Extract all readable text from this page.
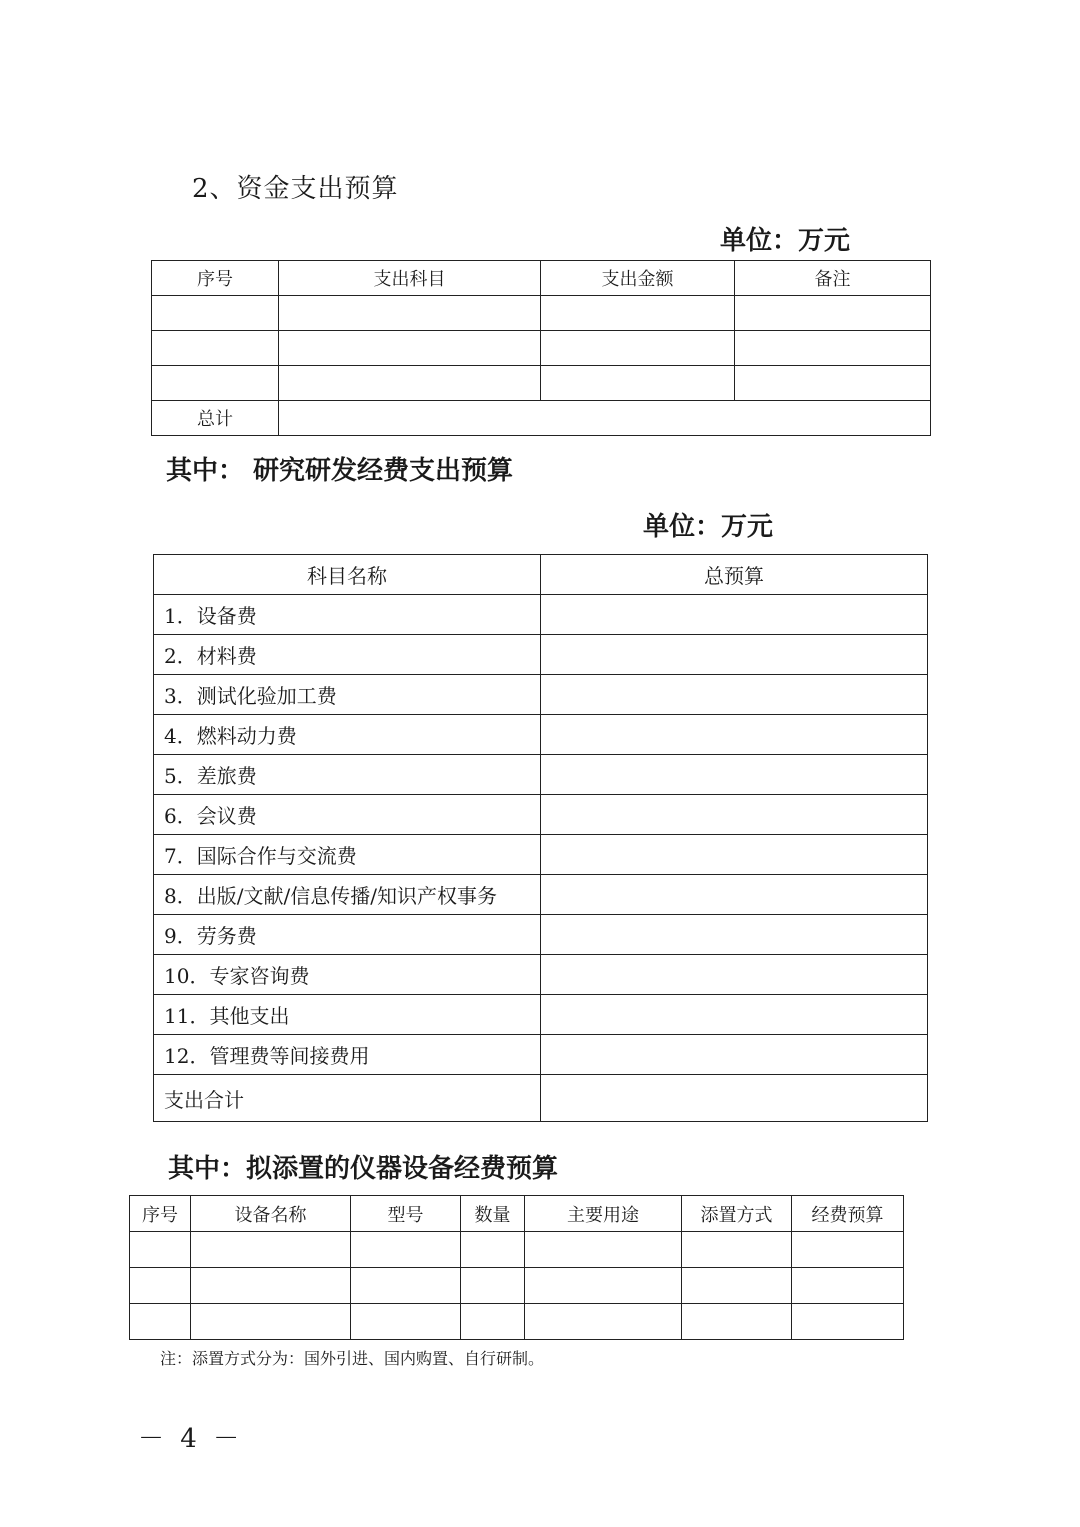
2、资金支出预算
单位：万元
序号	支出科目	支出金额	备注

总计			
其中： 研究研发经费支出预算
单位：万元
科目名称	总预算
1．设备费	
2．材料费	
3．测试化验加工费	
4．燃料动力费	
5．差旅费	
6．会议费	
7．国际合作与交流费	
8．出版/文献/信息传播/知识产权事务	
9．劳务费	
10．专家咨询费	
11．其他支出	
12．管理费等间接费用	
支出合计	
其中：拟添置的仪器设备经费预算
序号	设备名称	型号	数量	主要用途	添置方式	经费预算

注：添置方式分为：国外引进、国内购置、自行研制。
－ 4 －
